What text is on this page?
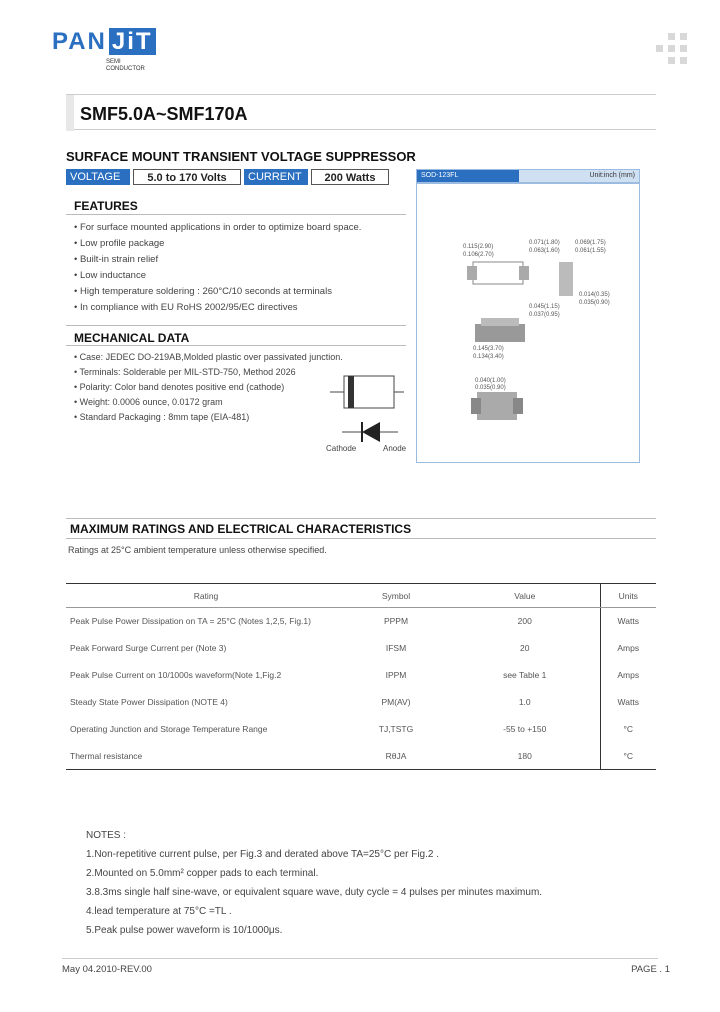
PAN JiT
SEMI
CONDUCTOR
SMF5.0A~SMF170A
SURFACE MOUNT TRANSIENT VOLTAGE SUPPRESSOR
VOLTAGE	5.0 to 170 Volts	CURRENT	200 Watts	SOD-123FL	Unit:inch (mm)
0.115(2.90)
0.106(2.70)
0.071(1.80)
0.063(1.60)
0.069(1.75)
0.061(1.55)
0.045(1.15)
0.037(0.95)
0.145(3.70)
0.134(3.40)
0.040(1.00)
0.035(0.90)
0.014(0.35)
0.035(0.90)
FEATURES
• For surface mounted applications in order to optimize board space.
• Low profile package
• Built-in strain relief
• Low inductance
• High temperature soldering : 260°C/10 seconds at terminals
• In compliance with EU RoHS 2002/95/EC directives
MECHANICAL DATA
• Case: JEDEC DO-219AB,Molded plastic over passivated junction.
• Terminals: Solderable per MIL-STD-750, Method 2026
• Polarity: Color band denotes positive end (cathode)
• Weight: 0.0006 ounce, 0.0172 gram
• Standard Packaging : 8mm tape (EIA-481)
Cathode	Anode
MAXIMUM RATINGS AND ELECTRICAL CHARACTERISTICS
Ratings at 25°C ambient temperature unless otherwise specified.
Rating	Symbol	Value	Units
Peak Pulse Power Dissipation on TA = 25°C (Notes 1,2,5, Fig.1)	PPPM	200	Watts
Peak Forward Surge Current per (Note 3)	IFSM	20	Amps
Peak Pulse Current on 10/1000s waveform(Note 1,Fig.2	IPPM	see Table 1	Amps
Steady State Power Dissipation (NOTE 4)	PM(AV)	1.0	Watts
Operating Junction and Storage Temperature Range	TJ,TSTG	-55 to +150	°C
Thermal resistance	RθJA	180	°C
NOTES :
1.Non-repetitive current pulse, per Fig.3 and derated above TA=25°C per Fig.2 .
2.Mounted on 5.0mm² copper pads to each terminal.
3.8.3ms single half sine-wave, or equivalent square wave, duty cycle = 4 pulses per minutes maximum.
4.lead temperature at 75°C =TL .
5.Peak pulse power waveform is 10/1000μs.
May 04.2010-REV.00	PAGE . 1
